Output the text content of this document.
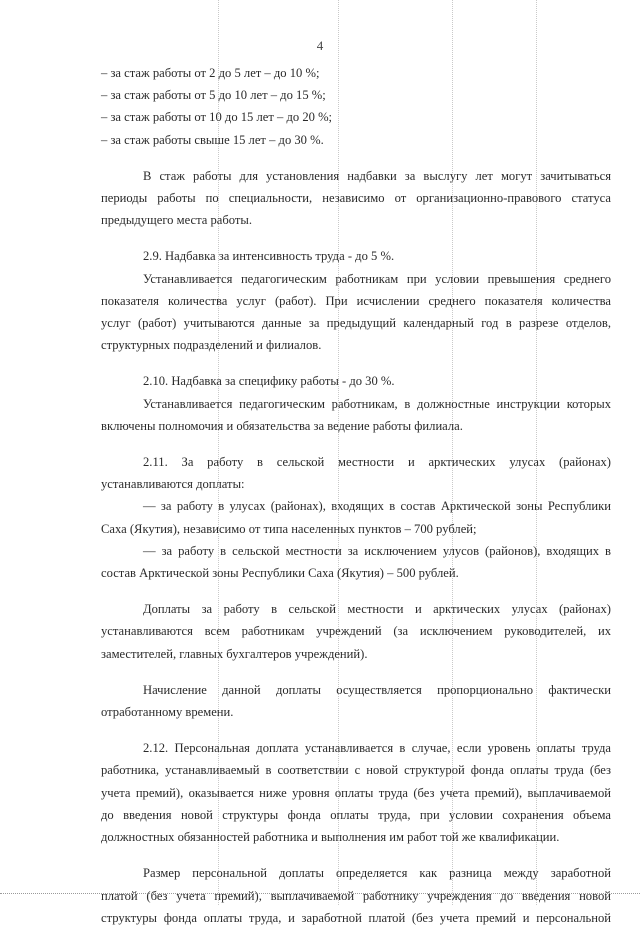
4
– за стаж работы от 2 до 5 лет – до 10 %;
– за стаж работы от 5 до 10 лет – до 15 %;
– за стаж работы от 10 до 15 лет – до 20 %;
– за стаж работы свыше 15 лет – до 30 %.
В стаж работы для установления надбавки за выслугу лет могут зачитываться
периоды работы по специальности, независимо от организационно-правового статуса
предыдущего места работы.
2.9. Надбавка за интенсивность труда - до 5 %.
Устанавливается педагогическим работникам при условии превышения среднего
показателя количества услуг (работ). При исчислении среднего показателя количества
услуг (работ) учитываются данные за предыдущий календарный год в разрезе отделов,
структурных подразделений и филиалов.
2.10. Надбавка за специфику работы - до 30 %.
Устанавливается педагогическим работникам, в должностные инструкции которых
включены полномочия и обязательства за ведение работы филиала.
2.11. За работу в сельской местности и арктических улусах (районах)
устанавливаются доплаты:
— за работу в улусах (районах), входящих в состав Арктической зоны Республики
Саха (Якутия), независимо от типа населенных пунктов – 700 рублей;
— за работу в сельской местности за исключением улусов (районов), входящих в
состав Арктической зоны Республики Саха (Якутия) – 500 рублей.
Доплаты за работу в сельской местности и арктических улусах (районах)
устанавливаются всем работникам учреждений (за исключением руководителей, их
заместителей, главных бухгалтеров учреждений).
Начисление данной доплаты осуществляется пропорционально фактически
отработанному времени.
2.12. Персональная доплата устанавливается в случае, если уровень оплаты труда
работника, устанавливаемый в соответствии с новой структурой фонда оплаты труда (без
учета премий), оказывается ниже уровня оплаты труда (без учета премий), выплачиваемой
до введения новой структуры фонда оплаты труда, при условии сохранения объема
должностных обязанностей работника и выполнения им работ той же квалификации.
Размер персональной доплаты определяется как разница между заработной
платой (без учета премий), выплачиваемой работнику учреждения до введения новой
структуры фонда оплаты труда, и заработной платой (без учета премий и персональной
